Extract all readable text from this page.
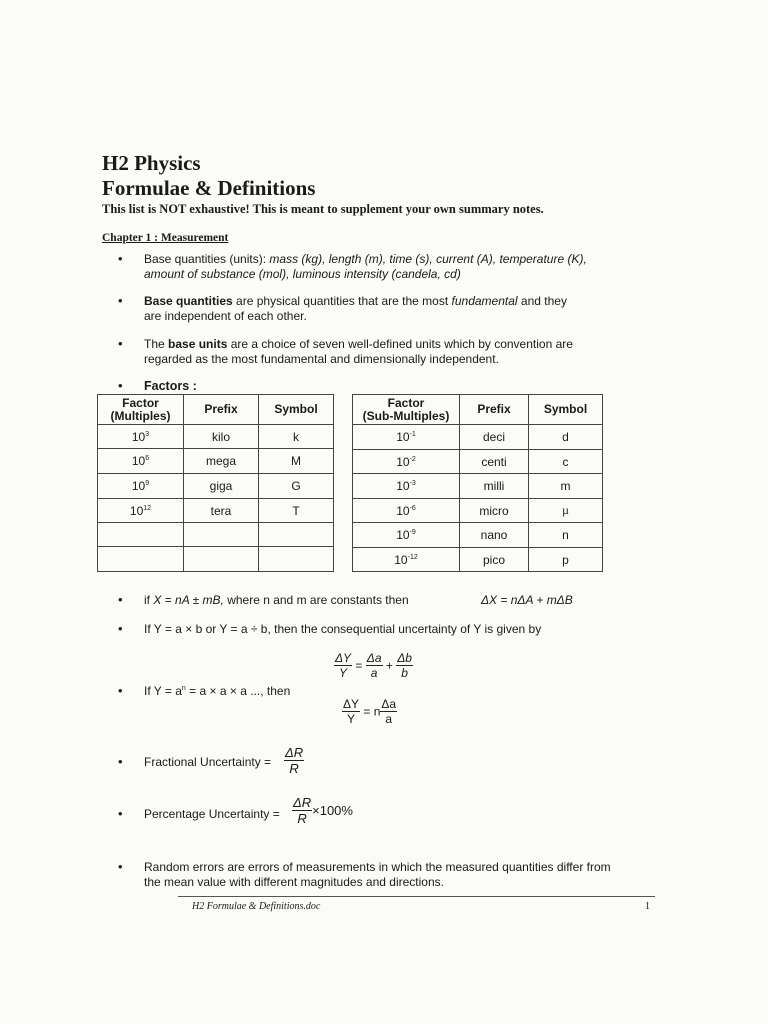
H2 Physics
Formulae & Definitions
This list is NOT exhaustive! This is meant to supplement your own summary notes.
Chapter 1 : Measurement
• Base quantities (units): mass (kg), length (m), time (s), current (A), temperature (K),
amount of substance (mol), luminous intensity (candela, cd)
• Base quantities are physical quantities that are the most fundamental and they
are independent of each other.
• The base units are a choice of seven well-defined units which by convention are
regarded as the most fundamental and dimensionally independent.
• Factors :
Factor
(Multiples)	Prefix	Symbol
$10^3$	kilo	k
$10^6$	mega	M
$10^9$	giga	G
$10^{12}$	tera	T

Factor
(Sub-Multiples)	Prefix	Symbol
$10^{-1}$	deci	d
$10^{-2}$	centi	c
$10^{-3}$	milli	m
$10^{-6}$	micro	µ
$10^{-9}$	nano	n
$10^{-12}$	pico	p
• if X = nA ± mB, where n and m are constants then	ΔX = nΔA + mΔB
• If Y = a × b or Y = a ÷ b, then the consequential uncertainty of Y is given by
$\frac{\Delta Y}{Y} = \frac{\Delta a}{a} + \frac{\Delta b}{b}$
• If $Y = a^n = a \times a \times a$ ..., then
$\frac{\Delta Y}{Y} = n \frac{\Delta a}{a}$
• Fractional Uncertainty = $\frac{\Delta R}{R}$
• Percentage Uncertainty = $\frac{\Delta R}{R} \times 100\%$
• Random errors are errors of measurements in which the measured quantities differ from
the mean value with different magnitudes and directions.
H2 Formulae & Definitions.doc	1
